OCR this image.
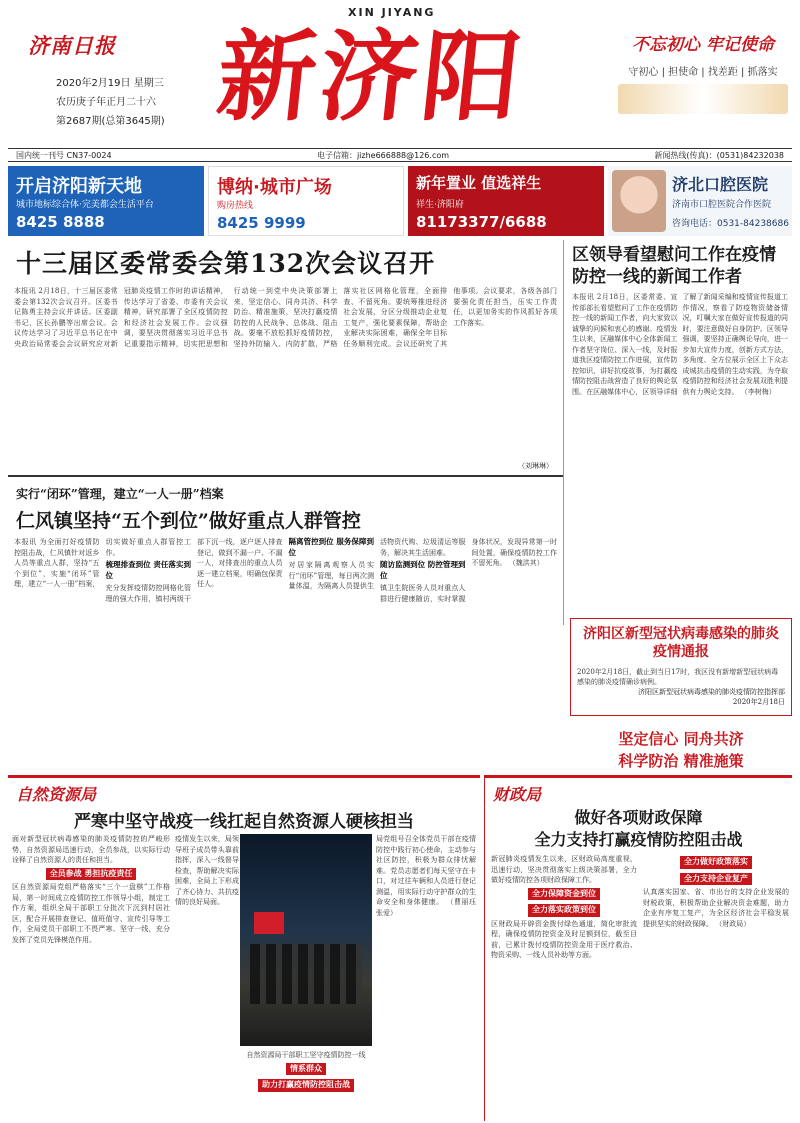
济南日报
2020年2月19日 星期三
农历庚子年正月二十六
第2687期(总第3645期)
XIN JIYANG
新济阳	不忘初心 牢记使命
守初心 | 担使命 | 找差距 | 抓落实
国内统一刊号 CN37-0024	电子信箱：jizhe666888@126.com	新闻热线(传真)：(0531)84232038
开启济阳新天地
城市地标综合体·完美都会生活平台
8425 8888
博纳·城市广场
购房热线
8425 9999
新年置业 值选祥生
祥生·济阳府
81173377/6688
济北口腔医院
济南市口腔医院合作医院
咨询电话：0531-84238686
十三届区委常委会第132次会议召开
本报讯 2月18日，十三届区委常委会第132次会议召开。区委书记陈勇主持会议并讲话。区委副书记、区长孙鹏等出席会议。会议传达学习了习近平总书记在中央政治局常委会会议研究应对新冠肺炎疫情工作时的讲话精神，传达学习了省委、市委有关会议精神，研究部署了全区疫情防控和经济社会发展工作。会议强调，要坚决贯彻落实习近平总书记重要指示精神，切实把思想和行动统一到党中央决策部署上来，坚定信心、同舟共济、科学防治、精准施策，坚决打赢疫情防控的人民战争、总体战、阻击战。要毫不放松抓好疫情防控，坚持外防输入、内防扩散，严格落实社区网格化管理，全面排查、不留死角。要统筹推进经济社会发展，分区分级推动企业复工复产，强化要素保障，帮助企业解决实际困难，确保全年目标任务顺利完成。会议还研究了其他事项。会议要求，各级各部门要强化责任担当，压实工作责任，以更加务实的作风抓好各项工作落实。
（刘琳琳）
实行“闭环”管理，建立“一人一册”档案
仁风镇坚持“五个到位”做好重点人群管控
本报讯 为全面打好疫情防控阻击战，仁风镇针对返乡人员等重点人群，坚持“五个到位”，实施“闭环”管理，建立“一人一册”档案，切实做好重点人群管控工作。
梳理排查到位 责任落实到位
充分发挥疫情防控网格化管理的强大作用，镇村两级干部下沉一线，逐户逐人排查登记，做到不漏一户、不漏一人，对排查出的重点人员逐一建立档案，明确包保责任人。
隔离管控到位 服务保障到位
对居家隔离观察人员实行“闭环”管理，每日两次测量体温，为隔离人员提供生活物资代购、垃圾清运等服务，解决其生活困难。
随访监测到位 防控管理到位
镇卫生院医务人员对重点人群进行健康随访，实时掌握身体状况，发现异常第一时间处置，确保疫情防控工作不留死角。 （魏洪其）
区领导看望慰问工作在疫情防控一线的新闻工作者
本报讯 2月18日，区委常委、宣传部部长看望慰问了工作在疫情防控一线的新闻工作者，向大家致以诚挚的问候和衷心的感谢。疫情发生以来，区融媒体中心全体新闻工作者坚守岗位、深入一线，及时报道我区疫情防控工作进展，宣传防控知识，讲好抗疫故事，为打赢疫情防控阻击战营造了良好的舆论氛围。在区融媒体中心，区领导详细了解了新闻采编和疫情宣传报道工作情况，察看了防疫物资储备情况，叮嘱大家在做好宣传报道的同时，要注意做好自身防护。区领导强调，要坚持正确舆论导向，进一步加大宣传力度，创新方式方法，多角度、全方位展示全区上下众志成城抗击疫情的生动实践，为夺取疫情防控和经济社会发展双胜利提供有力舆论支持。 （李树梅）
济阳区新型冠状病毒感染的肺炎疫情通报
2020年2月18日，截止到当日17时，我区没有新增新型冠状病毒感染的肺炎疫情确诊病例。
济阳区新型冠状病毒感染的肺炎疫情防控指挥部
2020年2月18日
坚定信心 同舟共济
科学防治 精准施策
自然资源局
严寒中坚守战疫一线扛起自然资源人硬核担当
面对新型冠状病毒感染的肺炎疫情防控的严峻形势，自然资源局迅速行动，全员参战，以实际行动诠释了自然资源人的责任和担当。
全员参战 勇担抗疫责任
区自然资源局党组严格落实“三个一盘棋”工作格局，第一时间成立疫情防控工作领导小组，制定工作方案，组织全局干部职工分批次下沉到村居社区，配合开展排查登记、值班值守、宣传引导等工作，全局党员干部职工不畏严寒、坚守一线，充分发挥了党员先锋模范作用。
疫情发生以来，局领导班子成员带头靠前指挥，深入一线督导检查，帮助解决实际困难，全局上下形成了齐心协力、共抗疫情的良好局面。
自然资源局干部职工坚守疫情防控一线
情系群众
助力打赢疫情防控阻击战
局党组号召全体党员干部在疫情防控中践行初心使命，主动参与社区防控，积极为群众排忧解难。党员志愿者们每天坚守在卡口，对过往车辆和人员进行登记测温，用实际行动守护群众的生命安全和身体健康。 （曹丽珏 张爱）
财政局
做好各项财政保障
全力支持打赢疫情防控阻击战
新冠肺炎疫情发生以来，区财政局高度重视，迅速行动，坚决贯彻落实上级决策部署，全力做好疫情防控各项财政保障工作。
全力保障资金到位
全力落实政策到位
区财政局开辟资金拨付绿色通道，简化审批流程，确保疫情防控资金及时足额到位，截至目前，已累计拨付疫情防控资金用于医疗救治、物资采购、一线人员补助等方面。
全力做好政策落实
全力支持企业复产
认真落实国家、省、市出台的支持企业发展的财税政策，积极帮助企业解决资金难题，助力企业有序复工复产，为全区经济社会平稳发展提供坚实的财政保障。 （财政局）
